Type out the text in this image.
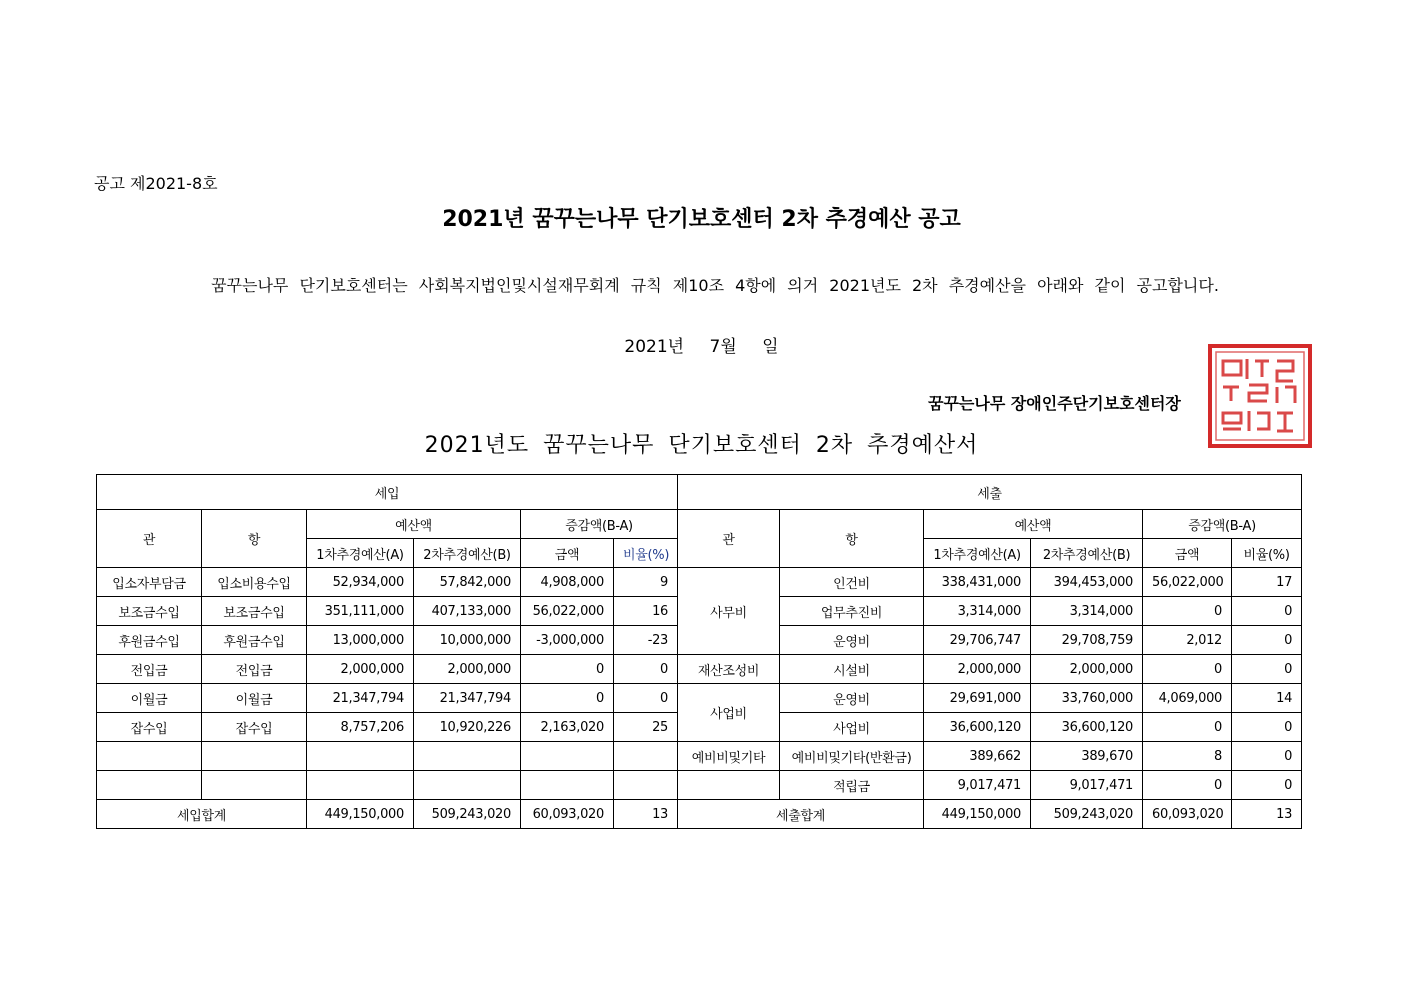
공고 제2021-8호
2021년 꿈꾸는나무 단기보호센터 2차 추경예산 공고
꿈꾸는나무 단기보호센터는 사회복지법인및시설재무회계 규칙 제10조 4항에 의거 2021년도 2차 추경예산을 아래와 같이 공고합니다.
2021년 7월 일
꿈꾸는나무 장애인주단기보호센터장
2021년도 꿈꾸는나무 단기보호센터 2차 추경예산서
세입						세출					
관	항	예산액		증감액(B-A)		관	항	예산액		증감액(B-A)	
		1차추경예산(A)	2차추경예산(B)	금액	비율(%)			1차추경예산(A)	2차추경예산(B)	금액	비율(%)
입소자부담금	입소비용수입	52,934,000	57,842,000	4,908,000	9	사무비	인건비	338,431,000	394,453,000	56,022,000	17
보조금수입	보조금수입	351,111,000	407,133,000	56,022,000	16		업무추진비	3,314,000	3,314,000	0	0
후원금수입	후원금수입	13,000,000	10,000,000	-3,000,000	-23		운영비	29,706,747	29,708,759	2,012	0
전입금	전입금	2,000,000	2,000,000	0	0	재산조성비	시설비	2,000,000	2,000,000	0	0
이월금	이월금	21,347,794	21,347,794	0	0	사업비	운영비	29,691,000	33,760,000	4,069,000	14
잡수입	잡수입	8,757,206	10,920,226	2,163,020	25		사업비	36,600,120	36,600,120	0	0
						예비비및기타	예비비및기타(반환금)	389,662	389,670	8	0
							적립금	9,017,471	9,017,471	0	0
세입합계		449,150,000	509,243,020	60,093,020	13	세출합계		449,150,000	509,243,020	60,093,020	13
